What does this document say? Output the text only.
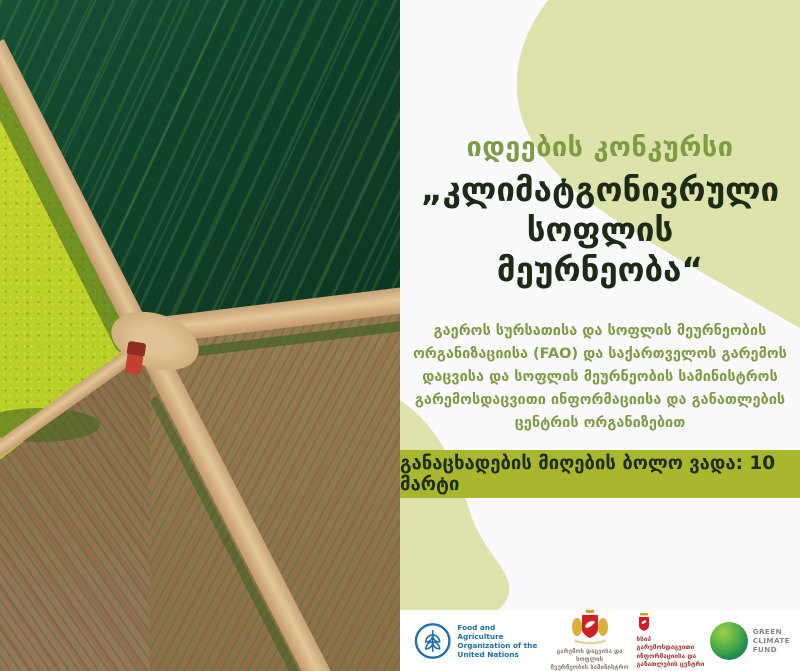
იდეების კონკურსი
„კლიმატგონივრული
სოფლის
მეურნეობა“
გაეროს სურსათისა და სოფლის მეურნეობის
ორგანიზაციისა (FAO) და საქართველოს გარემოს
დაცვისა და სოფლის მეურნეობის სამინისტროს
გარემოსდაცვითი ინფორმაციისა და განათლების
ცენტრის ორგანიზებით
განაცხადების მიღების ბოლო ვადა: 10 მარტი
Food and Agriculture
Organization of the
United Nations	გარემოს დაცვისა და სოფლის
მეურნეობის სამინისტრო
სსიპ გარემოსდაცვითი
ინფორმაციისა და
განათლების ცენტრი
GREEN
CLIMATE
FUND
